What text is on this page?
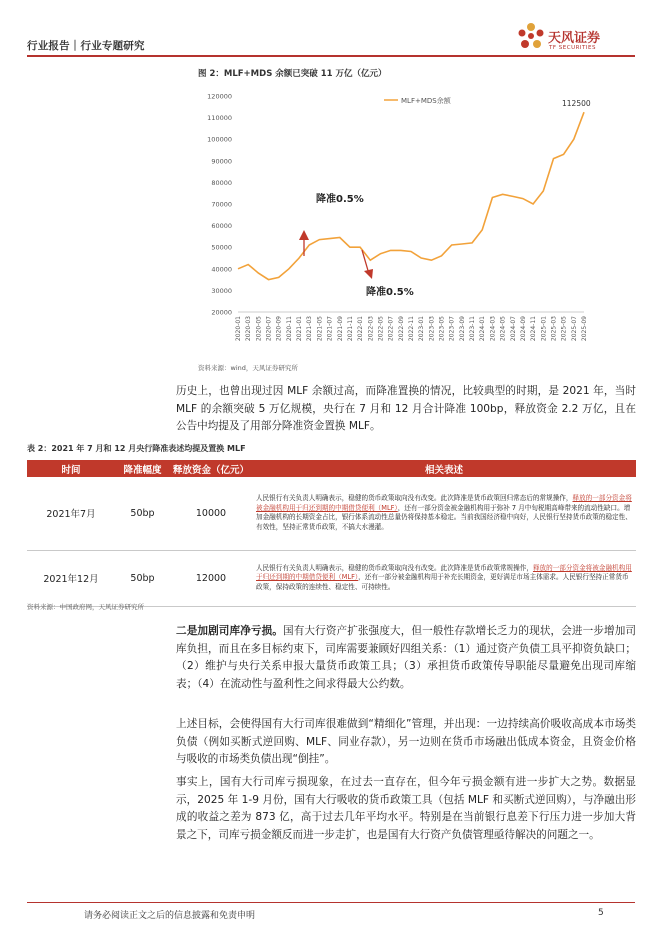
行业报告｜行业专题研究	天风证券
TF SECURITIES
图 2：MLF+MDS 余额已突破 11 万亿（亿元）
20000
30000
40000
50000
60000
70000
80000
90000
100000
110000
120000
2020-01 2020-03 2020-05 2020-07 2020-09 2020-11 2021-01 2021-03 2021-05 2021-07 2021-09 2021-11 2022-01 2022-03 2022-05 2022-07 2022-09 2022-11 2023-01 2023-03 2023-05 2023-07 2023-09 2023-11 2024-01 2024-03 2024-05 2024-07 2024-09 2024-11 2025-01 2025-03 2025-05 2025-07 2025-09
MLF+MDS余额
降准0.5%
降准0.5%
112500
资料来源：wind，天风证券研究所
历史上，也曾出现过因 MLF 余额过高，而降准置换的情况，比较典型的时期，是 2021 年，当时 MLF 的余额突破 5 万亿规模，央行在 7 月和 12 月合计降准 100bp，释放资金 2.2 万亿，且在公告中均提及了用部分降准资金置换 MLF。
表 2：2021 年 7 月和 12 月央行降准表述均提及置换 MLF
时间	降准幅度	释放资金（亿元）	相关表述
2021年7月	50bp	10000	人民银行有关负责人明确表示，稳健的货币政策取向没有改变。此次降准是货币政策回归常态后的常规操作，释放的一部分资金将被金融机构用于归还到期的中期借贷便利（MLF），还有一部分资金被金融机构用于弥补 7 月中旬税期高峰带来的流动性缺口。增加金融机构的长期资金占比，银行体系流动性总量仍将保持基本稳定。当前我国经济稳中向好，人民银行坚持货币政策的稳定性、有效性，坚持正常货币政策，不搞大水漫灌。
2021年12月	50bp	12000	人民银行有关负责人明确表示，稳健的货币政策取向没有改变。此次降准是货币政策常规操作，释放的一部分资金将被金融机构用于归还到期的中期借贷便利（MLF），还有一部分被金融机构用于补充长期资金，更好满足市场主体需求。人民银行坚持正常货币政策，保持政策的连续性、稳定性、可持续性。
资料来源：中国政府网，天风证券研究所
二是加剧司库净亏损。国有大行资产扩张强度大，但一般性存款增长乏力的现状，会进一步增加司库负担，而且在多目标约束下，司库需要兼顾好四组关系：（1）通过资产负债工具平抑资负缺口；（2）维护与央行关系申报大量货币政策工具；（3）承担货币政策传导职能尽量避免出现司库缩表；（4）在流动性与盈利性之间求得最大公约数。
上述目标，会使得国有大行司库很难做到“精细化”管理，并出现：一边持续高价吸收高成本市场类负债（例如买断式逆回购、MLF、同业存款），另一边则在货币市场融出低成本资金，且资金价格与吸收的市场类负债出现“倒挂”。
事实上，国有大行司库亏损现象，在过去一直存在，但今年亏损金额有进一步扩大之势。数据显示，2025 年 1-9 月份，国有大行吸收的货币政策工具（包括 MLF 和买断式逆回购），与净融出形成的收益之差为 873 亿，高于过去几年平均水平。特别是在当前银行息差下行压力进一步加大背景之下，司库亏损金额反而进一步走扩，也是国有大行资产负债管理亟待解决的问题之一。
请务必阅读正文之后的信息披露和免责申明	5
